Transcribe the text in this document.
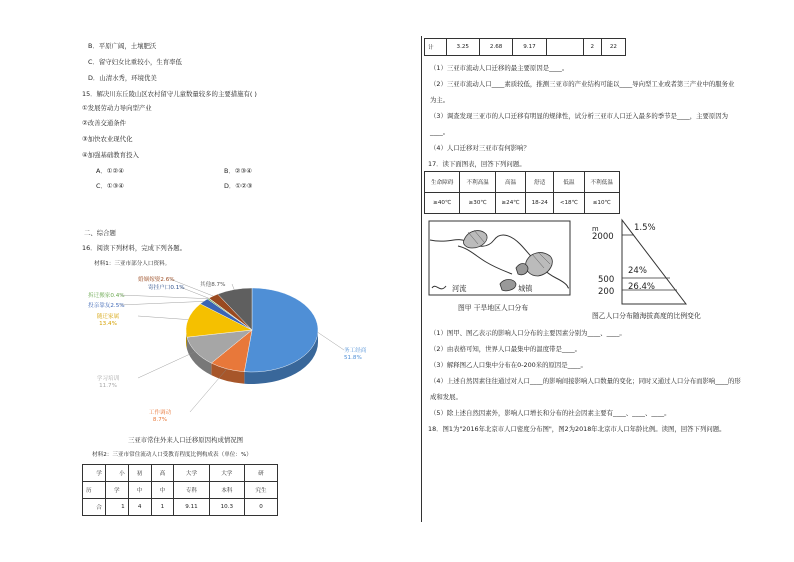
B．平原广阔，土壤肥沃
C．留守妇女比重较小，生育率低
D．山清水秀，环境优美
15．解决川东丘陵山区农村留守儿童数量较多的主要措施有( )
①发展劳动力导向型产业
②改善交通条件
③加快农业现代化
④加强基础教育投入
A．①②④	B．②③④
C．①③④	D．①②③
二、综合题
16．阅读下列材料，完成下列各题。
材料1：三亚市部分人口资料。
务工经商 51.8%
工作调动 8.7%
学习培训 11.7%
随迁家属 13.4%
投亲靠友2.5%
拆迁搬家0.4%
寄挂户口0.1%
婚姻嫁娶2.6%
其他8.7%
三亚市常住外来人口迁移原因构成情况图
材料2：三亚市常住流动人口受教育程度比例构成表（单位：%）
学	小	初	高	大学	大学	研
历	学	中	中	专科	本科	究生
合	1	4	1	9.11	10.3	0
计	3.25	2.68	9.17		2	22
（1）三亚市流动人口迁移的最主要原因是____。
（2）三亚市流动人口____素质较低，推测三亚市的产业结构可能以____导向型工业或者第三产业中的服务业
为主。
（3）调查发现三亚市的人口迁移有明显的规律性，试分析三亚市人口迁入最多的季节是____，主要原因为
____。
（4）人口迁移对三亚市有何影响？
17．读下面图表，回答下列问题。
生命障碍	不利高温	高温	舒适	低温	不利低温
≥40℃	≥30℃	≥24℃	18-24	<18℃	≤10℃
河流	城镇
图甲 干旱地区人口分布
m
2000
500
200
1.5%
24%
26.4%
图乙人口分布随海拔高度的比例变化
（1）图甲、图乙表示的影响人口分布的主要因素分别为____、____。
（2）由表格可知，世界人口最集中的温度带是____。
（3）解释图乙人口集中分布在0-200米的原因是____。
（4）上述自然因素往往通过对人口____的影响间接影响人口数量的变化；同时又通过人口分布而影响____的形
成和发展。
（5）除上述自然因素外，影响人口增长和分布的社会因素主要有____、____、____。
18．图1为"2016年北京市人口密度分布图"，图2为2018年北京市人口年龄比例。读图，回答下列问题。
